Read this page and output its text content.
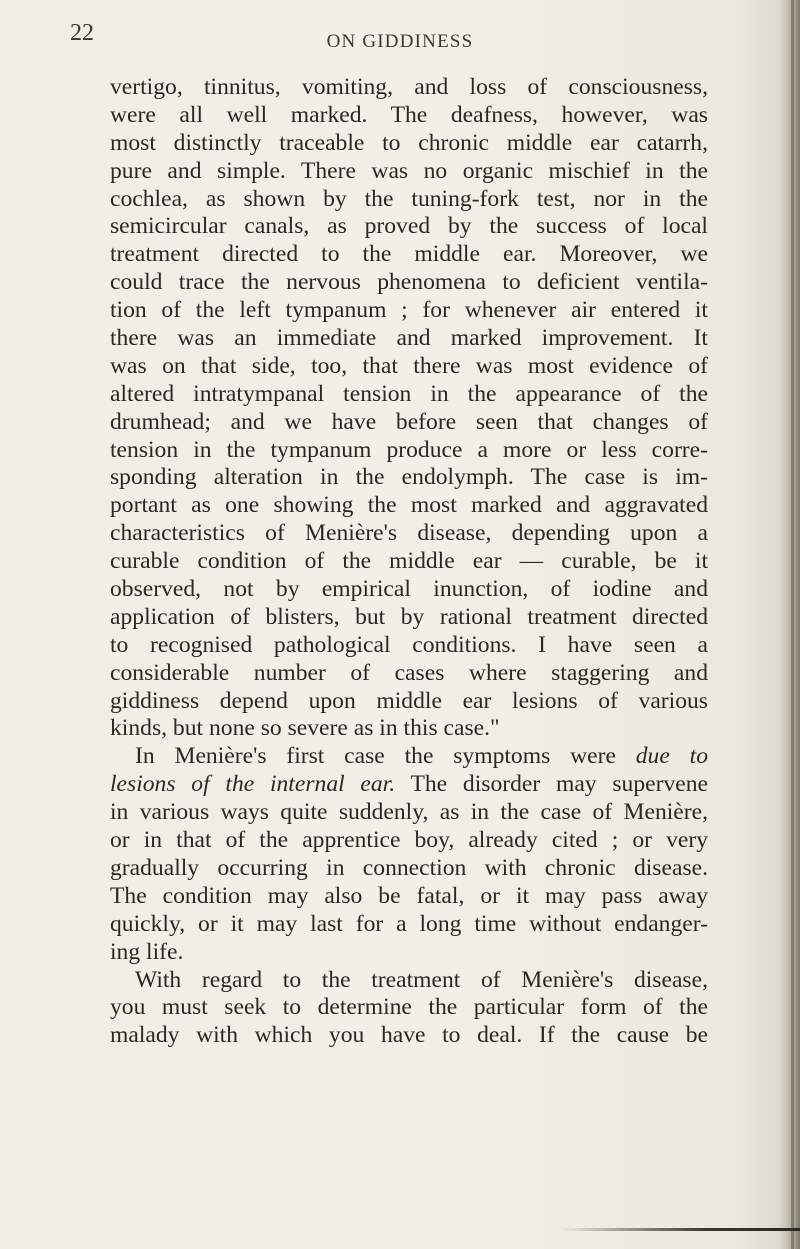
22	ON GIDDINESS
vertigo, tinnitus, vomiting, and loss of consciousness,
were all well marked. The deafness, however, was
most distinctly traceable to chronic middle ear catarrh,
pure and simple. There was no organic mischief in the
cochlea, as shown by the tuning-fork test, nor in the
semicircular canals, as proved by the success of local
treatment directed to the middle ear. Moreover, we
could trace the nervous phenomena to deficient ventila-
tion of the left tympanum ; for whenever air entered it
there was an immediate and marked improvement. It
was on that side, too, that there was most evidence of
altered intratympanal tension in the appearance of the
drumhead; and we have before seen that changes of
tension in the tympanum produce a more or less corre-
sponding alteration in the endolymph. The case is im-
portant as one showing the most marked and aggravated
characteristics of Menière's disease, depending upon a
curable condition of the middle ear — curable, be it
observed, not by empirical inunction, of iodine and
application of blisters, but by rational treatment directed
to recognised pathological conditions. I have seen a
considerable number of cases where staggering and
giddiness depend upon middle ear lesions of various
kinds, but none so severe as in this case."
In Menière's first case the symptoms were due to
lesions of the internal ear. The disorder may supervene
in various ways quite suddenly, as in the case of Menière,
or in that of the apprentice boy, already cited ; or very
gradually occurring in connection with chronic disease.
The condition may also be fatal, or it may pass away
quickly, or it may last for a long time without endanger-
ing life.
With regard to the treatment of Menière's disease,
you must seek to determine the particular form of the
malady with which you have to deal. If the cause be
